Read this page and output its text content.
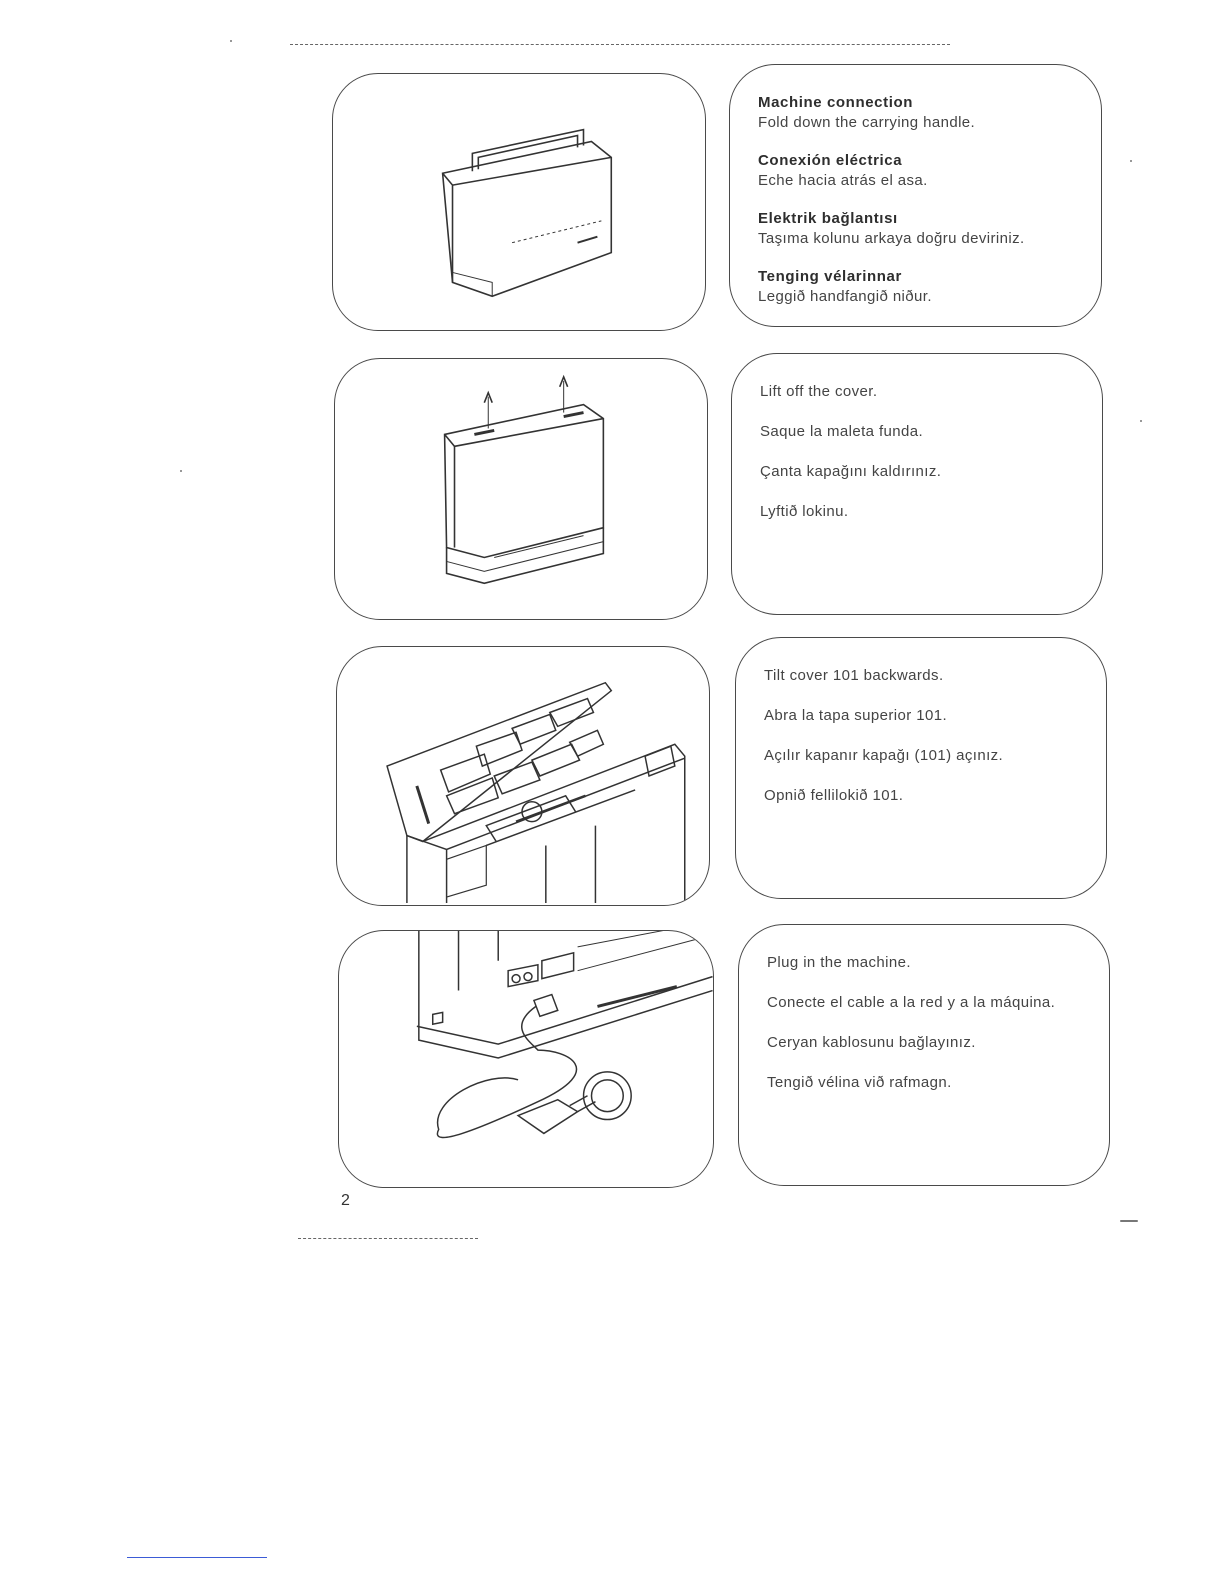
Machine connection
Fold down the carrying handle.
Conexión eléctrica
Eche hacia atrás el asa.
Elektrik bağlantısı
Taşıma kolunu arkaya doğru deviriniz.
Tenging vélarinnar
Leggið handfangið niður.
Lift off the cover.
Saque la maleta funda.
Çanta kapağını kaldırınız.
Lyftið lokinu.
Tilt cover 101 backwards.
Abra la tapa superior 101.
Açılır kapanır kapağı (101) açınız.
Opnið fellilokið 101.
Plug in the machine.
Conecte el cable a la red y a la máquina.
Ceryan kablosunu bağlayınız.
Tengið vélina við rafmagn.
2
